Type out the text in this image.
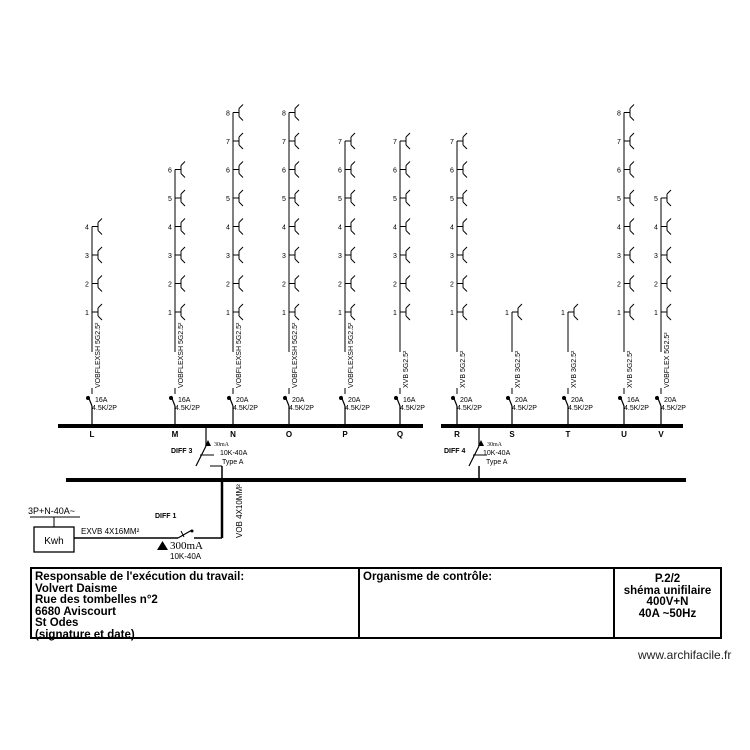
16A
4.5K/2P
VOBFLEXSH 5G2.5²
L
1
2
3
4
16A
4.5K/2P
VOBFLEXSH 5G2.5²
M
1
2
3
4
5
6
20A
4.5K/2P
VOBFLEXSH 5G2.5²
N
1
2
3
4
5
6
7
8
20A
4.5K/2P
VOBFLEXSH 5G2.5²
O
1
2
3
4
5
6
7
8
20A
4.5K/2P
VOBFLEXSH 5G2.5²
P
1
2
3
4
5
6
7
16A
4.5K/2P
XVB 5G2.5²
Q
1
2
3
4
5
6
7
20A
4.5K/2P
XVB 5G2.5²
R
1
2
3
4
5
6
7
20A
4.5K/2P
XVB 3G2.5²
S
1
20A
4.5K/2P
XVB 3G2.5²
T
1
16A
4.5K/2P
XVB 5G2.5²
U
1
2
3
4
5
6
7
8
20A
4.5K/2P
VOBFLEX 5G2.5²
V
1
2
3
4
5
DIFF 3
30mA
10K-40A
Type A
DIFF 4
30mA
10K-40A
Type A
3P+N-40A~
Kwh
EXVB 4X16MM²
DIFF 1	VOB 4X10MM²
300mA
10K-40A
Responsable de l'exécution du travail:
Volvert Daisme
Rue des tombelles n°2
6680 Aviscourt
St Odes
(signature et date)
Organisme de contrôle:	P.2/2
shéma unifilaire
400V+N
40A ~50Hz
www.archifacile.fr
